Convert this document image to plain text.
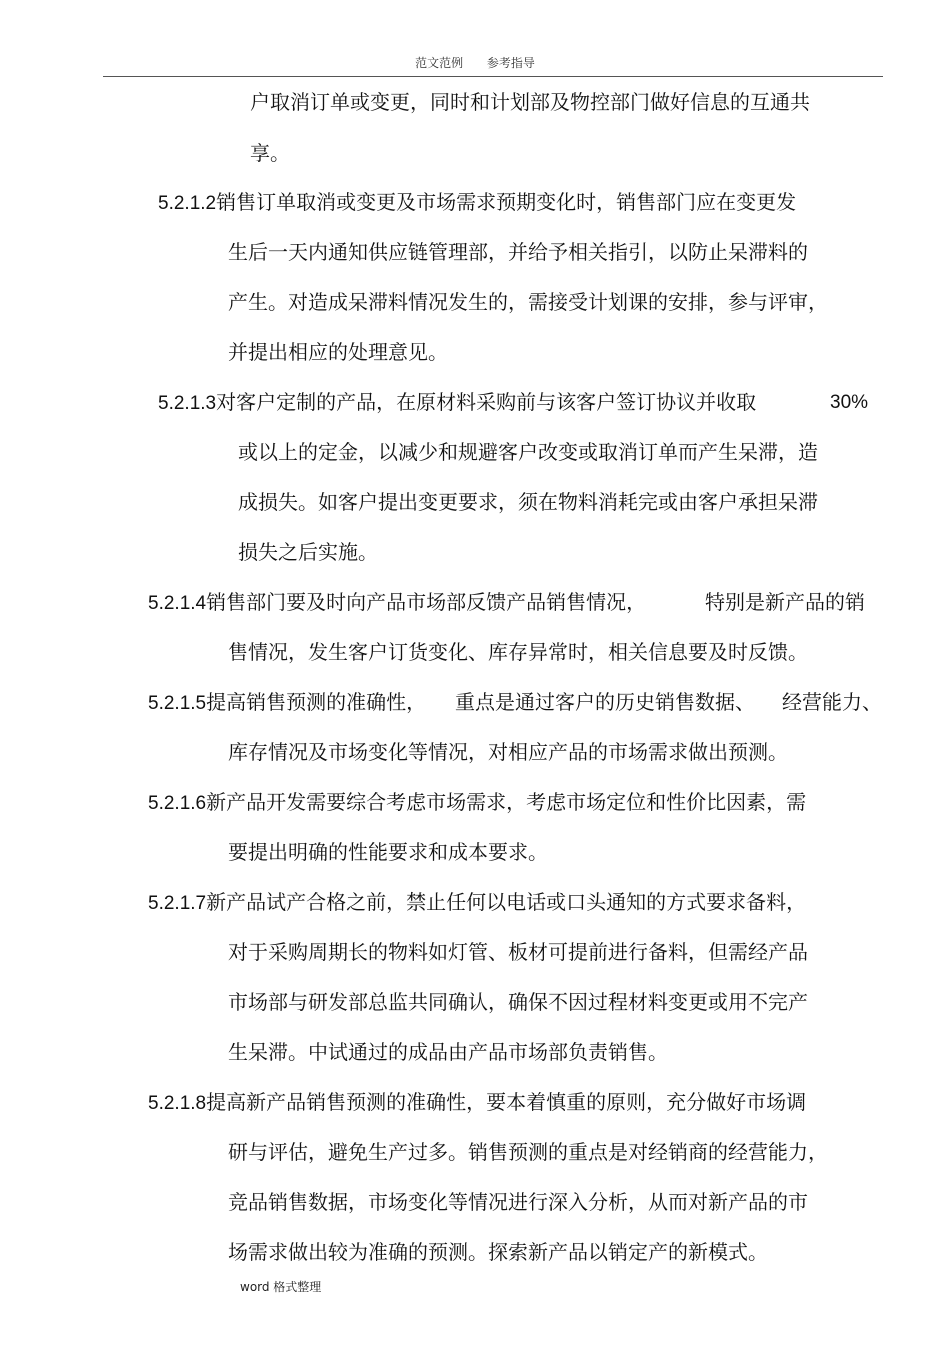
范文范例 参考指导
户取消订单或变更，同时和计划部及物控部门做好信息的互通共
享。
5.2.1.2销售订单取消或变更及市场需求预期变化时，销售部门应在变更发
生后一天内通知供应链管理部，并给予相关指引，以防止呆滞料的
产生。对造成呆滞料情况发生的，需接受计划课的安排，参与评审，
并提出相应的处理意见。
5.2.1.3对客户定制的产品，在原材料采购前与该客户签订协议并收取	30%
或以上的定金，以减少和规避客户改变或取消订单而产生呆滞，造
成损失。如客户提出变更要求，须在物料消耗完或由客户承担呆滞
损失之后实施。
5.2.1.4销售部门要及时向产品市场部反馈产品销售情况，	特别是新产品的销
售情况，发生客户订货变化、库存异常时，相关信息要及时反馈。
5.2.1.5提高销售预测的准确性， 重点是通过客户的历史销售数据、 经营能力、
库存情况及市场变化等情况，对相应产品的市场需求做出预测。
5.2.1.6新产品开发需要综合考虑市场需求，考虑市场定位和性价比因素，需
要提出明确的性能要求和成本要求。
5.2.1.7新产品试产合格之前，禁止任何以电话或口头通知的方式要求备料，
对于采购周期长的物料如灯管、板材可提前进行备料，但需经产品
市场部与研发部总监共同确认，确保不因过程材料变更或用不完产
生呆滞。中试通过的成品由产品市场部负责销售。
5.2.1.8提高新产品销售预测的准确性，要本着慎重的原则，充分做好市场调
研与评估，避免生产过多。销售预测的重点是对经销商的经营能力，
竞品销售数据，市场变化等情况进行深入分析，从而对新产品的市
场需求做出较为准确的预测。探索新产品以销定产的新模式。
word 格式整理
